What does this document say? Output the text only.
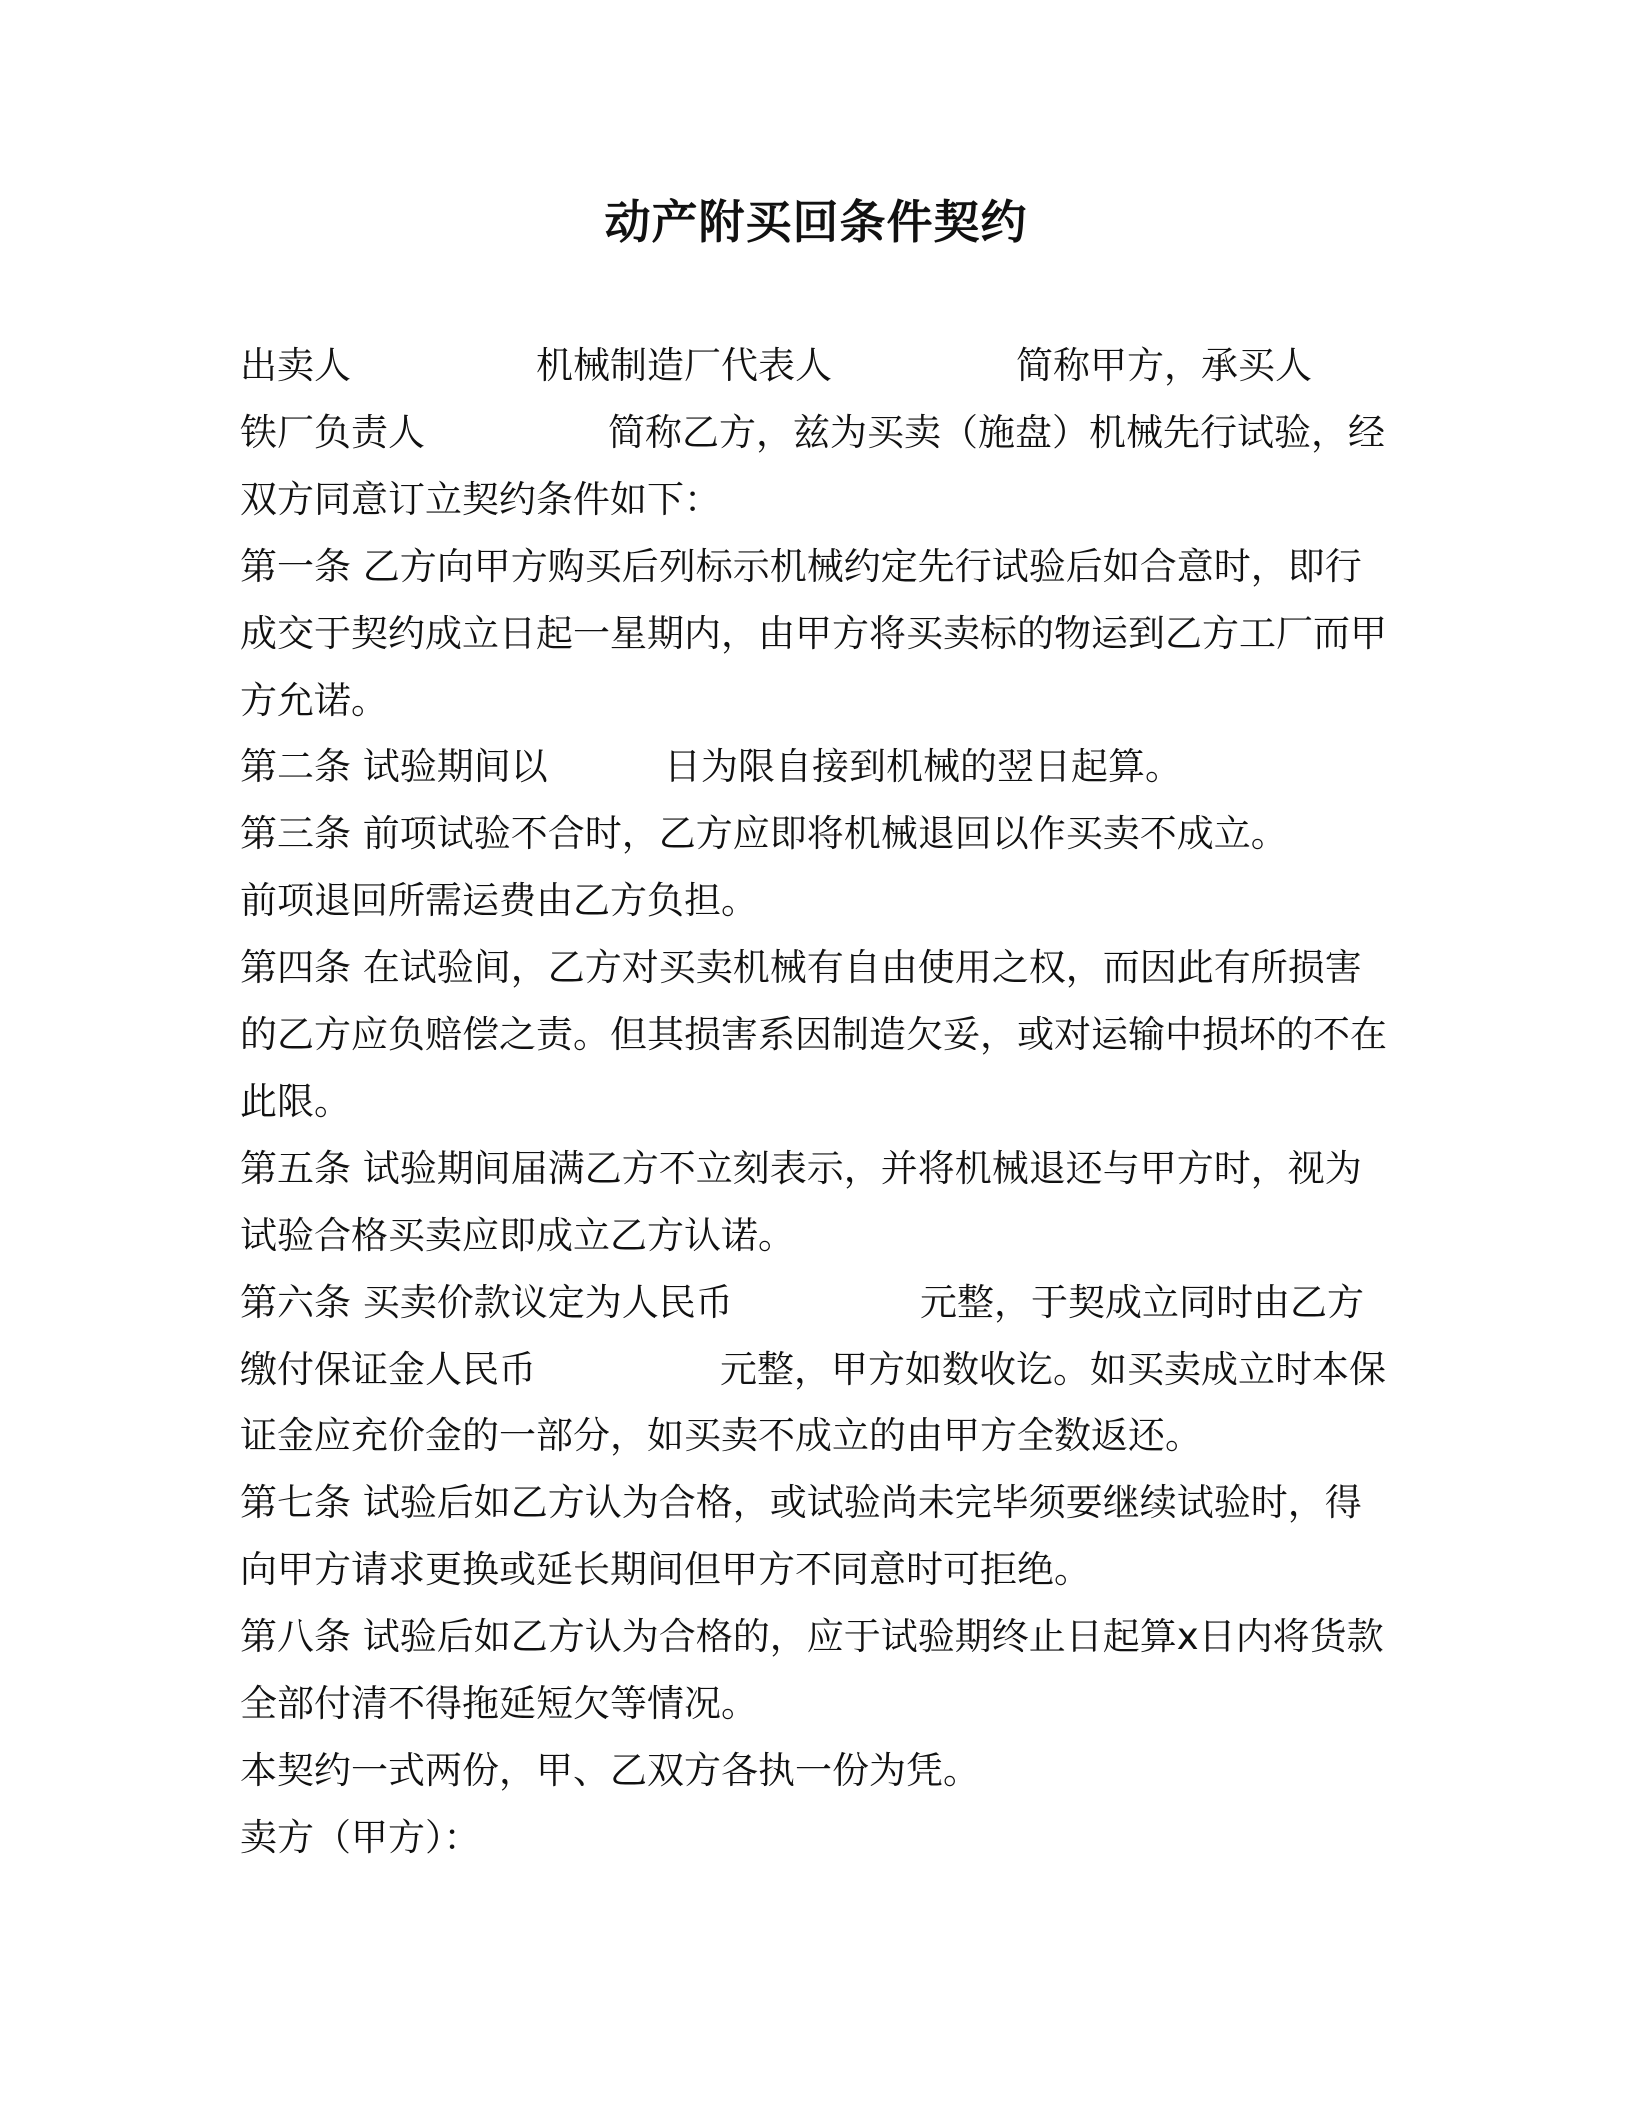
动产附买回条件契约
出卖人	机械制造厂代表人	简称甲方，承买人
铁厂负责人	简称乙方，兹为买卖（施盘）机械先行试验，经
双方同意订立契约条件如下：
第一条 乙方向甲方购买后列标示机械约定先行试验后如合意时，即行
成交于契约成立日起一星期内，由甲方将买卖标的物运到乙方工厂而甲
方允诺。
第二条 试验期间以	日为限自接到机械的翌日起算。
第三条 前项试验不合时，乙方应即将机械退回以作买卖不成立。
前项退回所需运费由乙方负担。
第四条 在试验间，乙方对买卖机械有自由使用之权，而因此有所损害
的乙方应负赔偿之责。但其损害系因制造欠妥，或对运输中损坏的不在
此限。
第五条 试验期间届满乙方不立刻表示，并将机械退还与甲方时，视为
试验合格买卖应即成立乙方认诺。
第六条 买卖价款议定为人民币	元整，于契成立同时由乙方
缴付保证金人民币	元整，甲方如数收讫。如买卖成立时本保
证金应充价金的一部分，如买卖不成立的由甲方全数返还。
第七条 试验后如乙方认为合格，或试验尚未完毕须要继续试验时，得
向甲方请求更换或延长期间但甲方不同意时可拒绝。
第八条 试验后如乙方认为合格的，应于试验期终止日起算x日内将货款
全部付清不得拖延短欠等情况。
本契约一式两份，甲、乙双方各执一份为凭。
卖方（甲方）：
